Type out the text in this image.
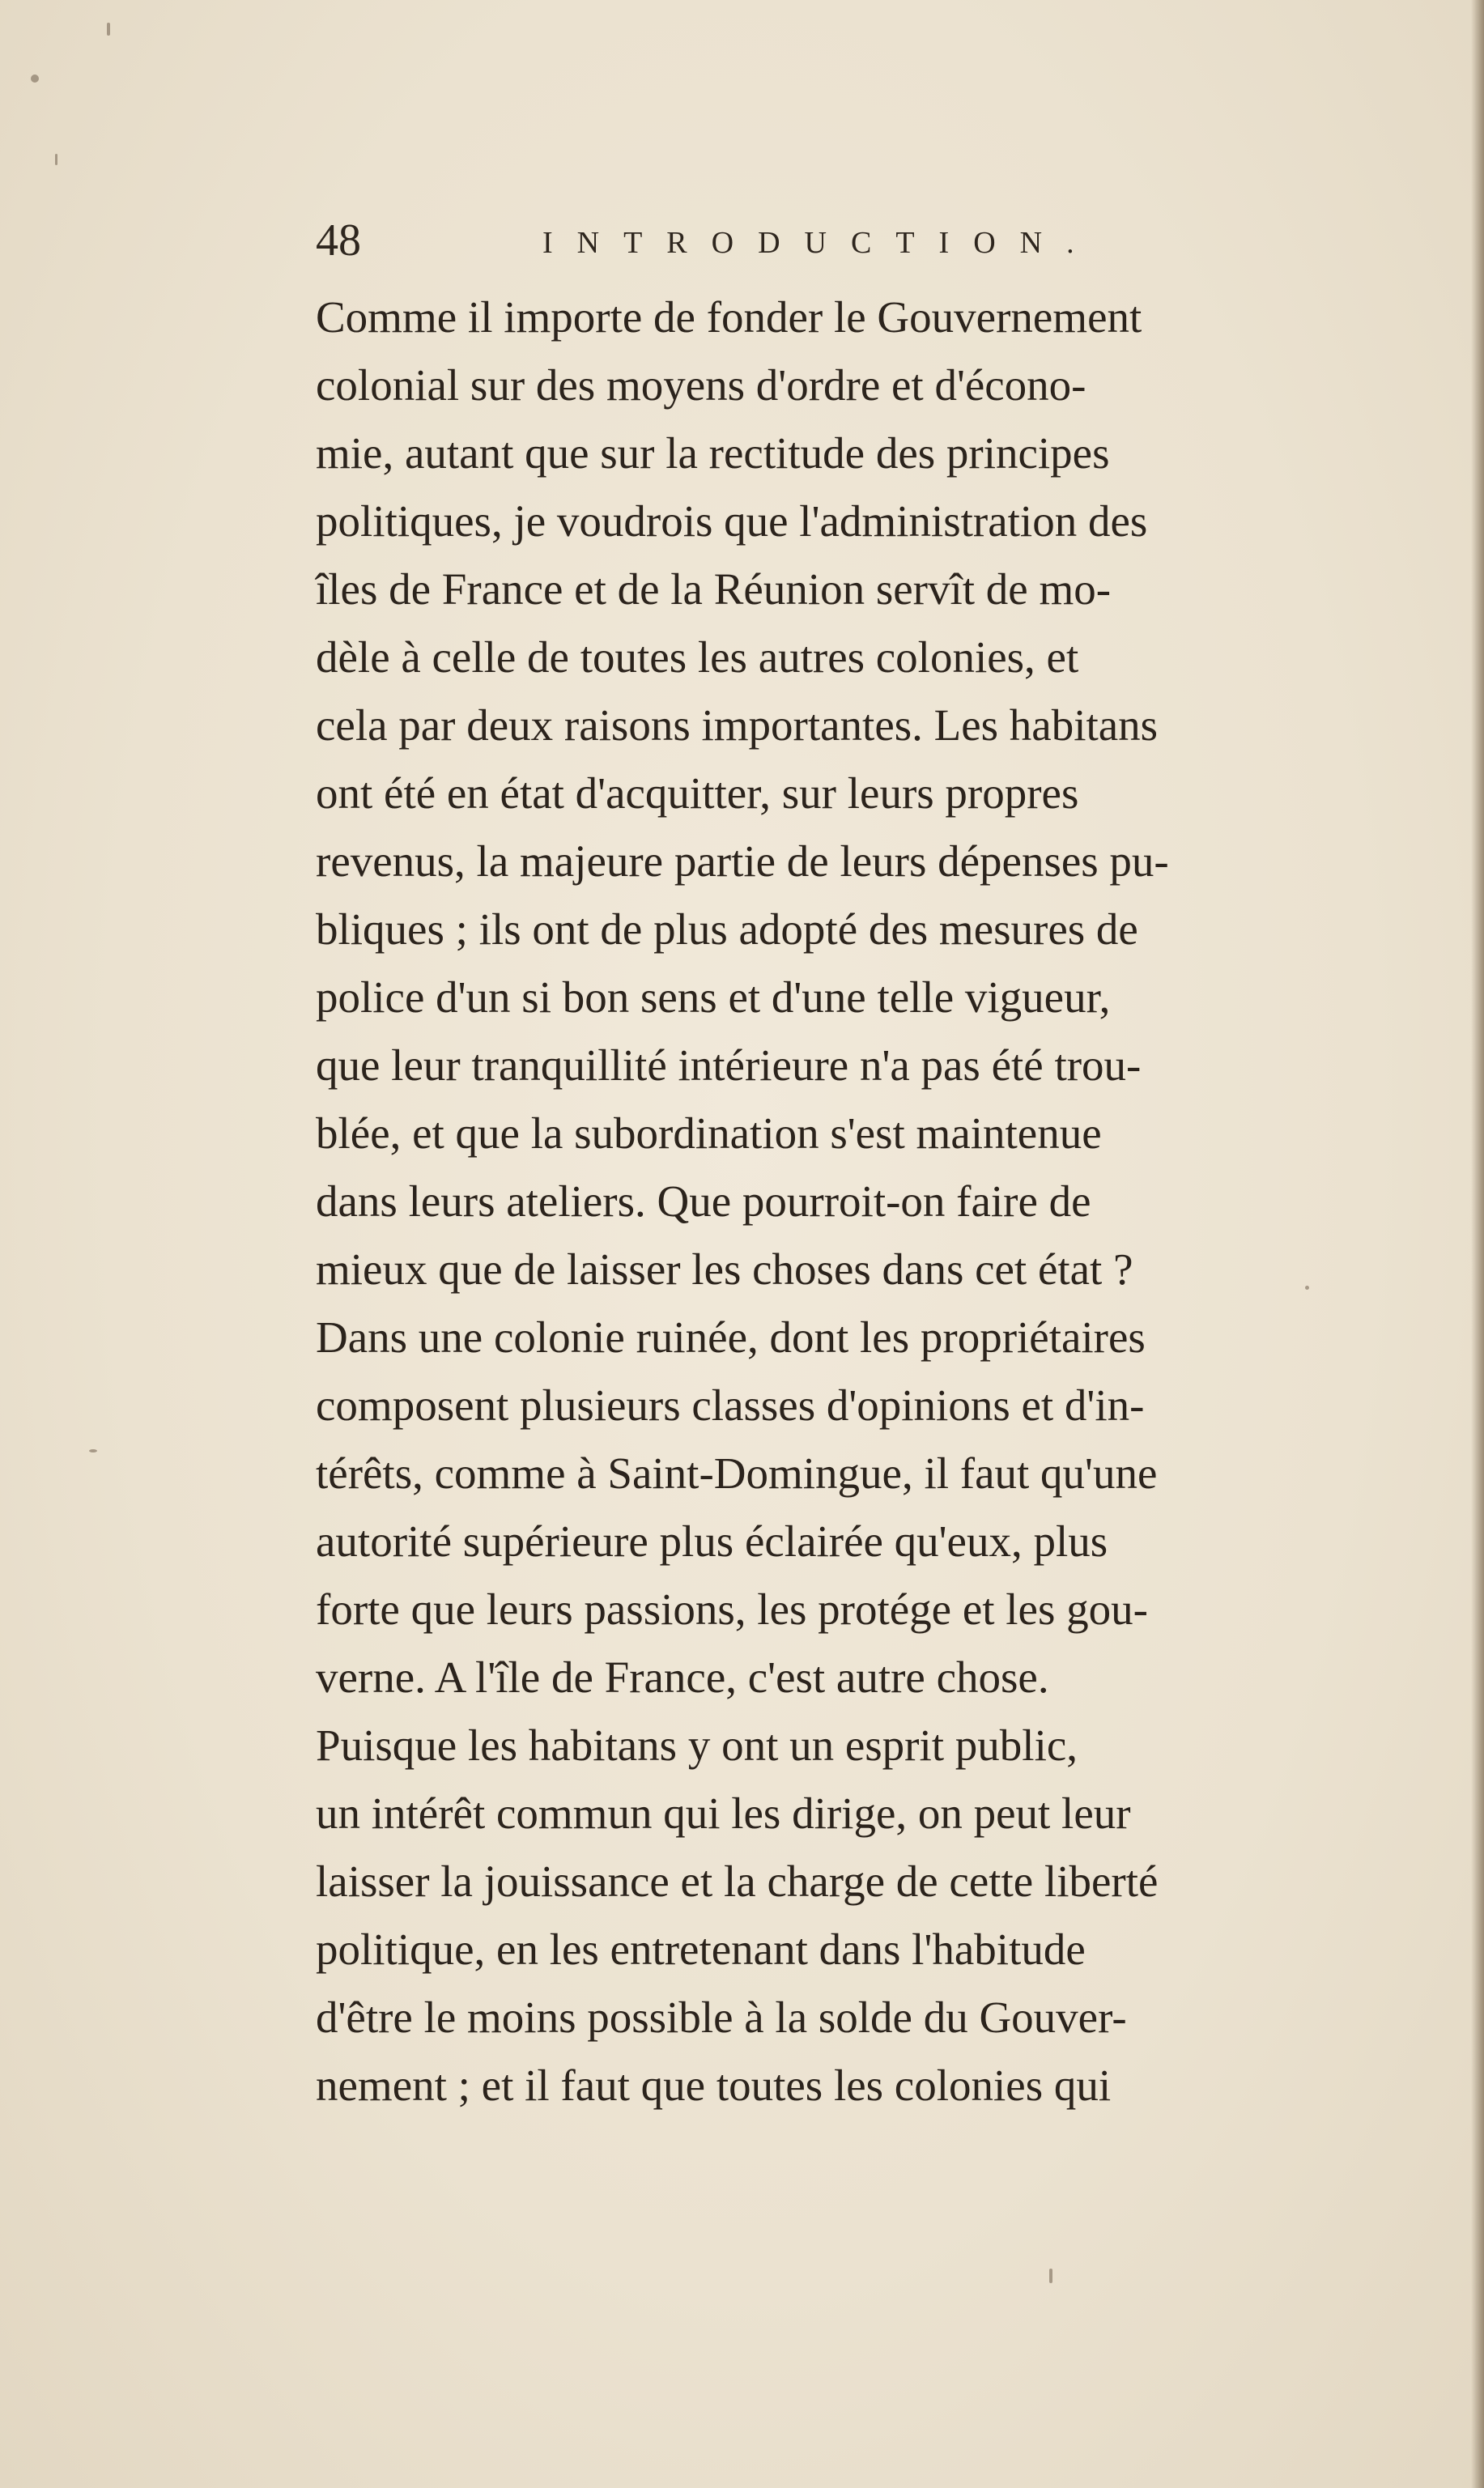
48	INTRODUCTION.
Comme il importe de fonder le Gouvernement
colonial sur des moyens d'ordre et d'écono-
mie, autant que sur la rectitude des principes
politiques, je voudrois que l'administration des
îles de France et de la Réunion servît de mo-
dèle à celle de toutes les autres colonies, et
cela par deux raisons importantes. Les habitans
ont été en état d'acquitter, sur leurs propres
revenus, la majeure partie de leurs dépenses pu-
bliques ; ils ont de plus adopté des mesures de
police d'un si bon sens et d'une telle vigueur,
que leur tranquillité intérieure n'a pas été trou-
blée, et que la subordination s'est maintenue
dans leurs ateliers. Que pourroit-on faire de
mieux que de laisser les choses dans cet état ?
Dans une colonie ruinée, dont les propriétaires
composent plusieurs classes d'opinions et d'in-
térêts, comme à Saint-Domingue, il faut qu'une
autorité supérieure plus éclairée qu'eux, plus
forte que leurs passions, les protége et les gou-
verne. A l'île de France, c'est autre chose.
Puisque les habitans y ont un esprit public,
un intérêt commun qui les dirige, on peut leur
laisser la jouissance et la charge de cette liberté
politique, en les entretenant dans l'habitude
d'être le moins possible à la solde du Gouver-
nement ; et il faut que toutes les colonies qui
